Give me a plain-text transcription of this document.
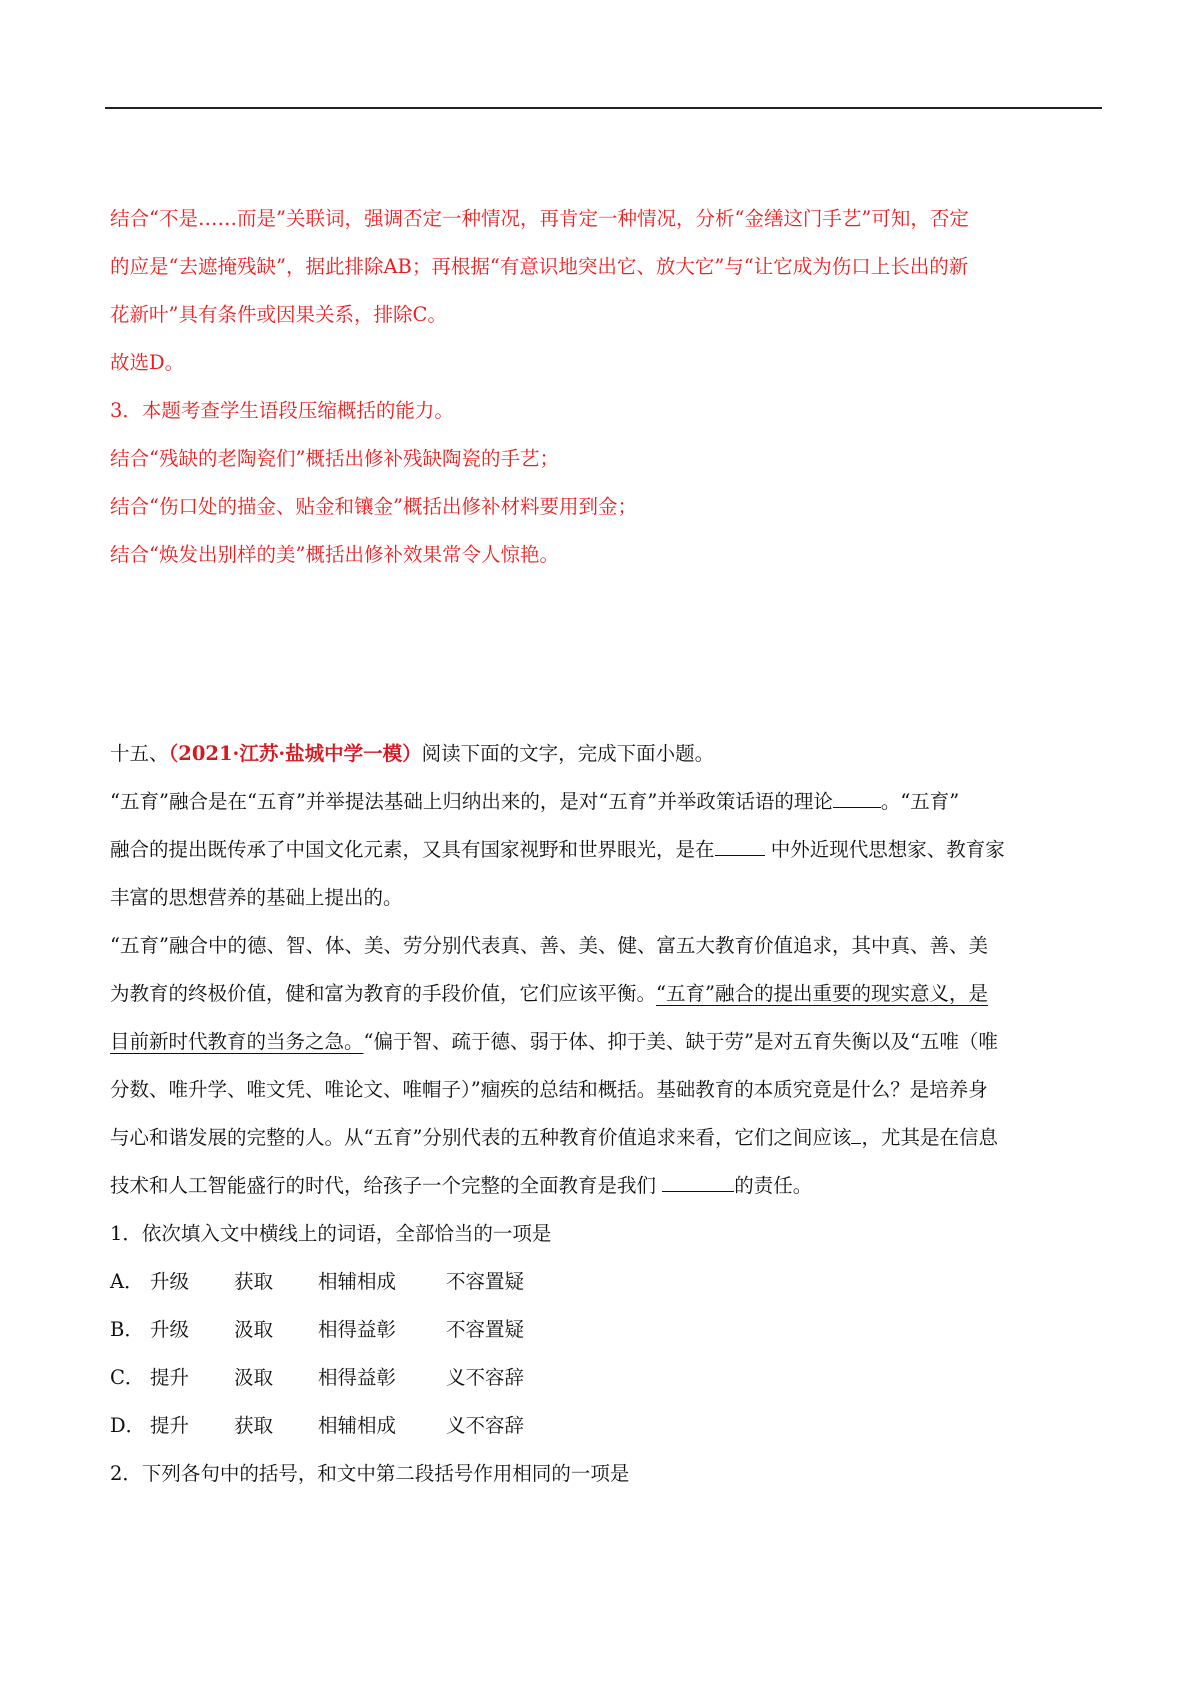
结合“不是……而是”关联词，强调否定一种情况，再肯定一种情况，分析“金缮这门手艺”可知，否定
的应是“去遮掩残缺”，据此排除AB；再根据“有意识地突出它、放大它”与“让它成为伤口上长出的新
花新叶”具有条件或因果关系，排除C。
故选D。
3．本题考查学生语段压缩概括的能力。
结合“残缺的老陶瓷们”概括出修补残缺陶瓷的手艺；
结合“伤口处的描金、贴金和镶金”概括出修补材料要用到金；
结合“焕发出别样的美”概括出修补效果常令人惊艳。
十五、（2021·江苏·盐城中学一模）阅读下面的文字，完成下面小题。
“五育”融合是在“五育”并举提法基础上归纳出来的，是对“五育”并举政策话语的理论 。“五育”
融合的提出既传承了中国文化元素，又具有国家视野和世界眼光，是在	中外近现代思想家、教育家
丰富的思想营养的基础上提出的。
“五育”融合中的德、智、体、美、劳分别代表真、善、美、健、富五大教育价值追求，其中真、善、美
为教育的终极价值，健和富为教育的手段价值，它们应该平衡。“五育”融合的提出重要的现实意义，是
目前新时代教育的当务之急。“偏于智、疏于德、弱于体、抑于美、缺于劳”是对五育失衡以及“五唯（唯
分数、唯升学、唯文凭、唯论文、唯帽子）”痼疾的总结和概括。基础教育的本质究竟是什么？是培养身
与心和谐发展的完整的人。从“五育”分别代表的五种教育价值追求来看，它们之间应该 ，尤其是在信息
技术和人工智能盛行的时代，给孩子一个完整的全面教育是我们	的责任。
1．依次填入文中横线上的词语，全部恰当的一项是
A． 升级 获取 相辅相成	不容置疑
B． 升级 汲取 相得益彰	不容置疑
C． 提升 汲取 相得益彰	义不容辞
D． 提升 获取 相辅相成	义不容辞
2．下列各句中的括号，和文中第二段括号作用相同的一项是
